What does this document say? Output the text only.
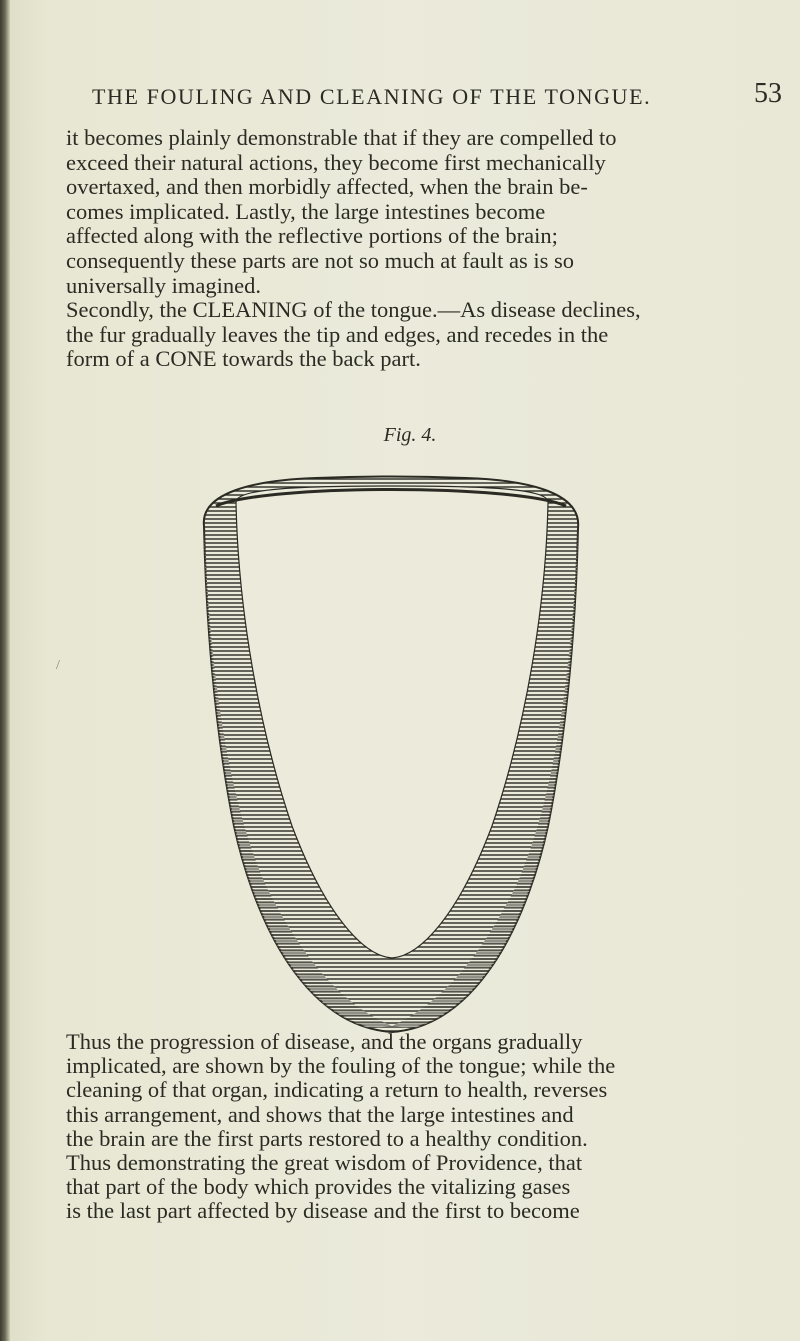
THE FOULING AND CLEANING OF THE TONGUE.	53

it becomes plainly demonstrable that if they are compelled to
exceed their natural actions, they become first mechanically
overtaxed, and then morbidly affected, when the brain be-
comes implicated. Lastly, the large intestines become
affected along with the reflective portions of the brain;
consequently these parts are not so much at fault as is so
universally imagined.
Secondly, the CLEANING of the tongue.—As disease declines,
the fur gradually leaves the tip and edges, and recedes in the
form of a CONE towards the back part.

Fig. 4.
/

Thus the progression of disease, and the organs gradually
implicated, are shown by the fouling of the tongue; while the
cleaning of that organ, indicating a return to health, reverses
this arrangement, and shows that the large intestines and
the brain are the first parts restored to a healthy condition.
Thus demonstrating the great wisdom of Providence, that
that part of the body which provides the vitalizing gases
is the last part affected by disease and the first to become
